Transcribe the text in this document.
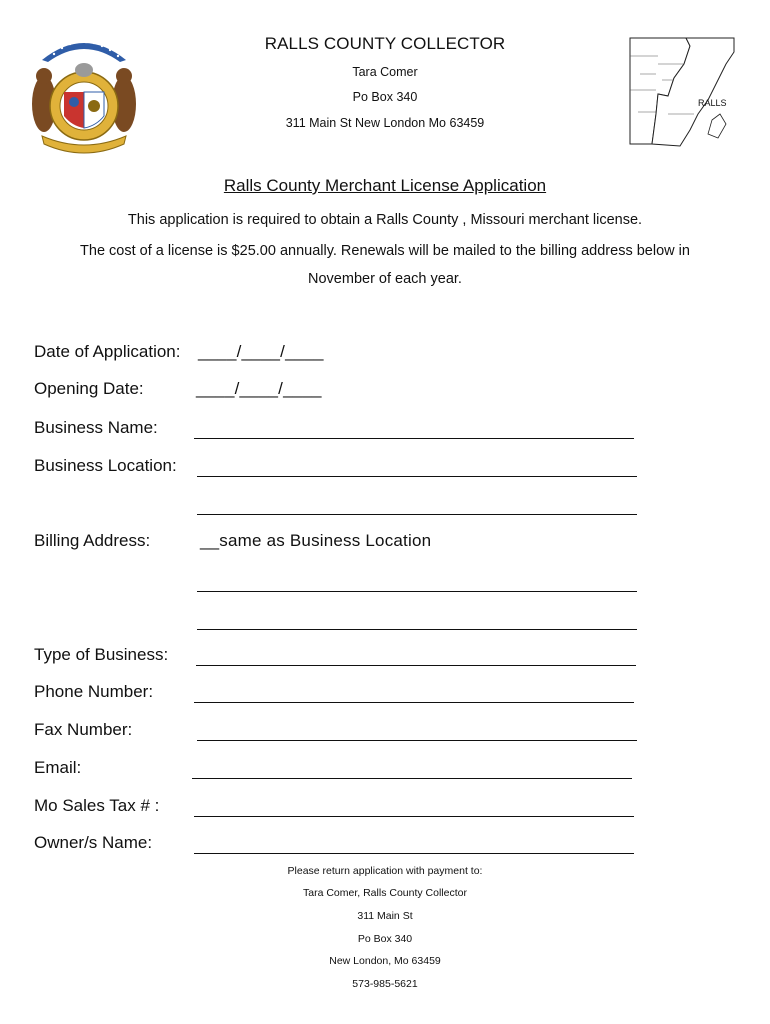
RALLS
RALLS COUNTY COLLECTOR
Tara Comer
Po Box 340
311 Main St New London Mo 63459
Ralls County Merchant License Application
This application is required to obtain a Ralls County , Missouri merchant license.
The cost of a license is $25.00 annually. Renewals will be mailed to the billing address below in
November of each year.
Date of Application: ____/____/____
Opening Date:	____/____/____
Business Name:
Business Location:
Billing Address:	__same as Business Location
Type of Business:
Phone Number:
Fax Number:
Email:
Mo Sales Tax # :
Owner/s Name:
Please return application with payment to:
Tara Comer, Ralls County Collector
311 Main St
Po Box 340
New London, Mo 63459
573-985-5621
